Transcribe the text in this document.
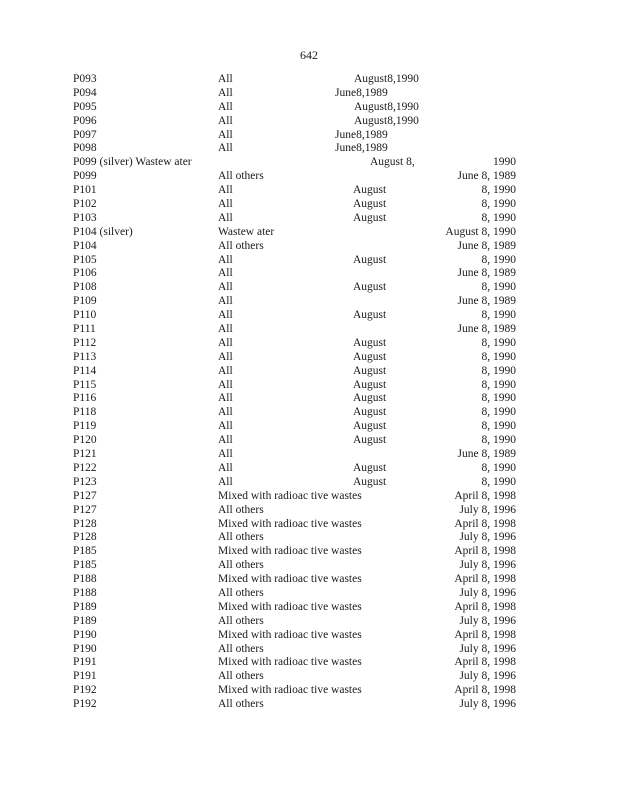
642
P093	All	August8,1990
P094	All	June8,1989
P095	All	August8,1990
P096	All	August8,1990
P097	All	June8,1989
P098	All	June8,1989
P099 (silver) Wastew ater	August 8,	1990
P099	All others	June 8, 1989
P101	All	August	8, 1990
P102	All	August	8, 1990
P103	All	August	8, 1990
P104 (silver)	Wastew ater	August 8, 1990
P104	All others	June 8, 1989
P105	All	August	8, 1990
P106	All	June 8, 1989
P108	All	August	8, 1990
P109	All	June 8, 1989
P110	All	August	8, 1990
P111	All	June 8, 1989
P112	All	August	8, 1990
P113	All	August	8, 1990
P114	All	August	8, 1990
P115	All	August	8, 1990
P116	All	August	8, 1990
P118	All	August	8, 1990
P119	All	August	8, 1990
P120	All	August	8, 1990
P121	All	June 8, 1989
P122	All	August	8, 1990
P123	All	August	8, 1990
P127	Mixed with radioac tive wastes	April 8, 1998
P127	All others	July 8, 1996
P128	Mixed with radioac tive wastes	April 8, 1998
P128	All others	July 8, 1996
P185	Mixed with radioac tive wastes	April 8, 1998
P185	All others	July 8, 1996
P188	Mixed with radioac tive wastes	April 8, 1998
P188	All others	July 8, 1996
P189	Mixed with radioac tive wastes	April 8, 1998
P189	All others	July 8, 1996
P190	Mixed with radioac tive wastes	April 8, 1998
P190	All others	July 8, 1996
P191	Mixed with radioac tive wastes	April 8, 1998
P191	All others	July 8, 1996
P192	Mixed with radioac tive wastes	April 8, 1998
P192	All others	July 8, 1996
